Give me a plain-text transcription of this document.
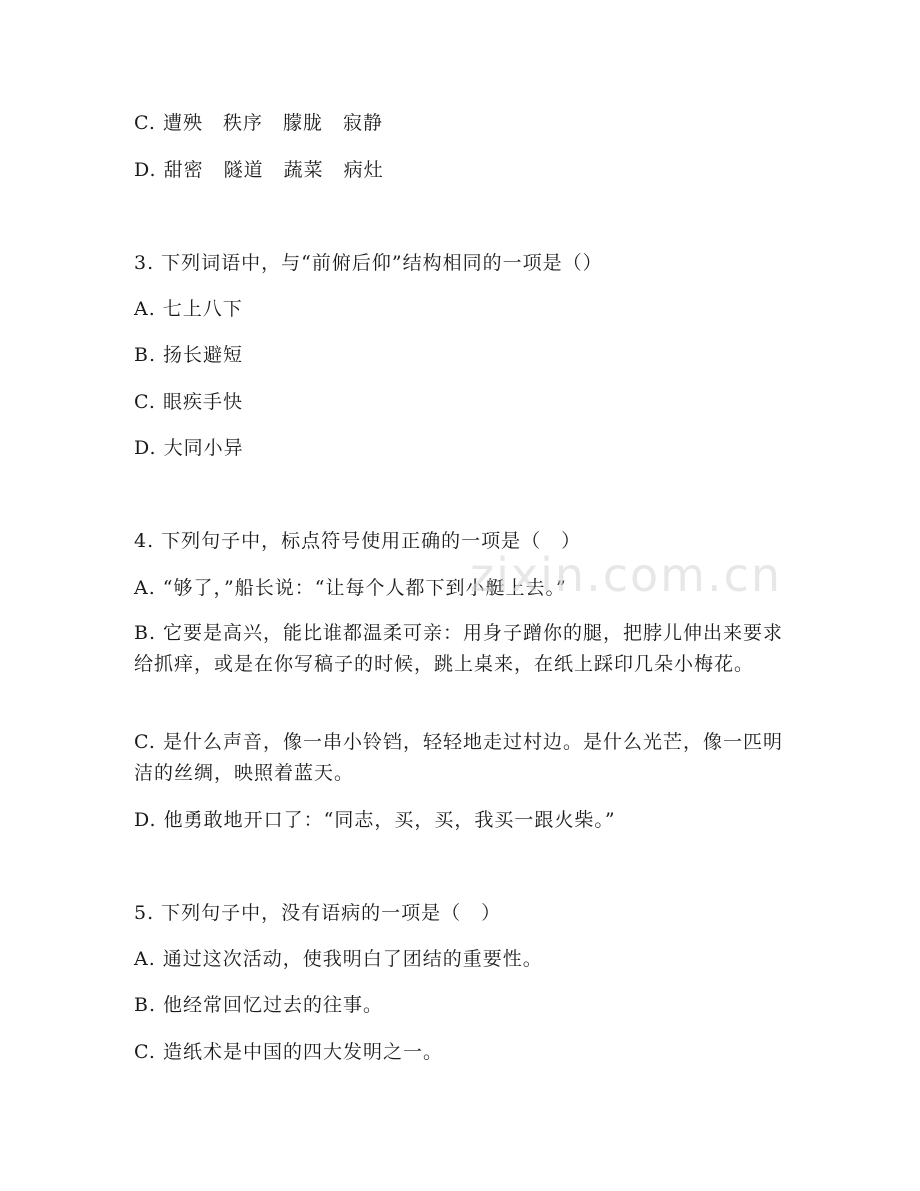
C. 遭殃　秩序　朦胧　寂静
D. 甜密　隧道　蔬菜　病灶
3. 下列词语中，与“前俯后仰”结构相同的一项是（）
A. 七上八下
B. 扬长避短
C. 眼疾手快
D. 大同小异
4. 下列句子中，标点符号使用正确的一项是（　）
A. “够了，”船长说：“让每个人都下到小艇上去。”
B. 它要是高兴，能比谁都温柔可亲：用身子蹭你的腿，把脖儿伸出来要求给抓痒，或是在你写稿子的时候，跳上桌来，在纸上踩印几朵小梅花。
C. 是什么声音，像一串小铃铛，轻轻地走过村边。是什么光芒，像一匹明洁的丝绸，映照着蓝天。
D. 他勇敢地开口了：“同志，买，买，我买一跟火柴。”
5. 下列句子中，没有语病的一项是（　）
A. 通过这次活动，使我明白了团结的重要性。
B. 他经常回忆过去的往事。
C. 造纸术是中国的四大发明之一。
zixin.com.cn
